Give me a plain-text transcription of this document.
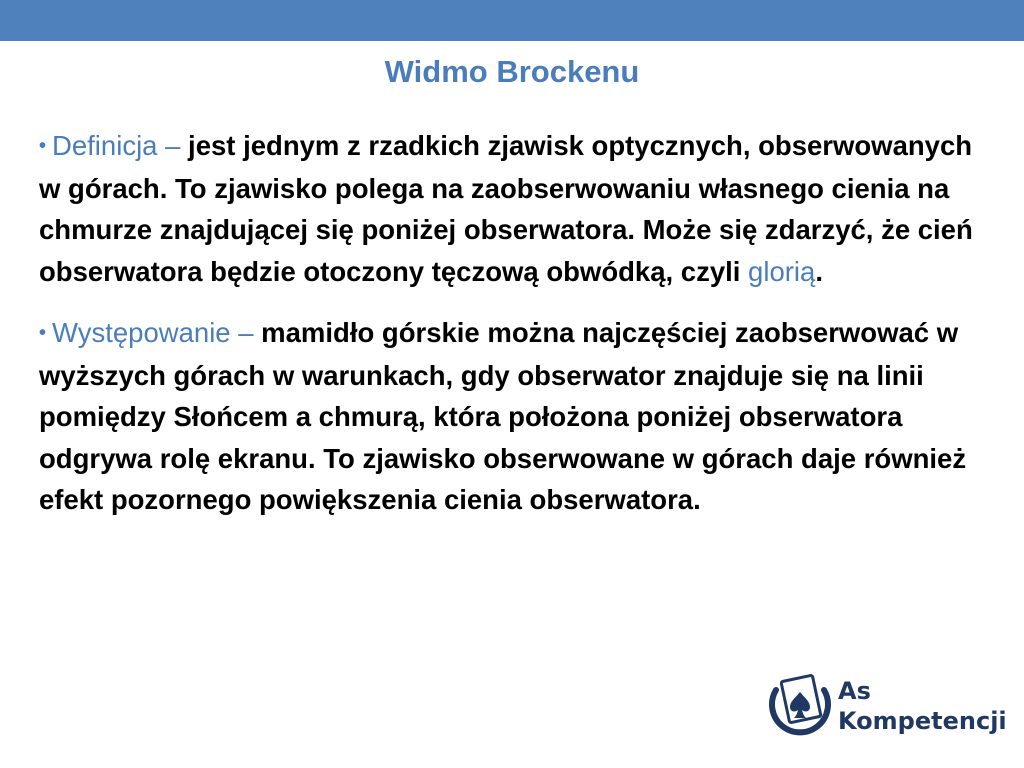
Widmo Brockenu

• Definicja – jest jednym z rzadkich zjawisk optycznych, obserwowanych w górach. To zjawisko polega na zaobserwowaniu własnego cienia na chmurze znajdującej się poniżej obserwatora. Może się zdarzyć, że cień obserwatora będzie otoczony tęczową obwódką, czyli glorią.

• Występowanie – mamidło górskie można najczęściej zaobserwować w wyższych górach w warunkach, gdy obserwator znajduje się na linii pomiędzy Słońcem a chmurą, która położona poniżej obserwatora odgrywa rolę ekranu. To zjawisko obserwowane w górach daje również efekt pozornego powiększenia cienia obserwatora.

As
Kompetencji
